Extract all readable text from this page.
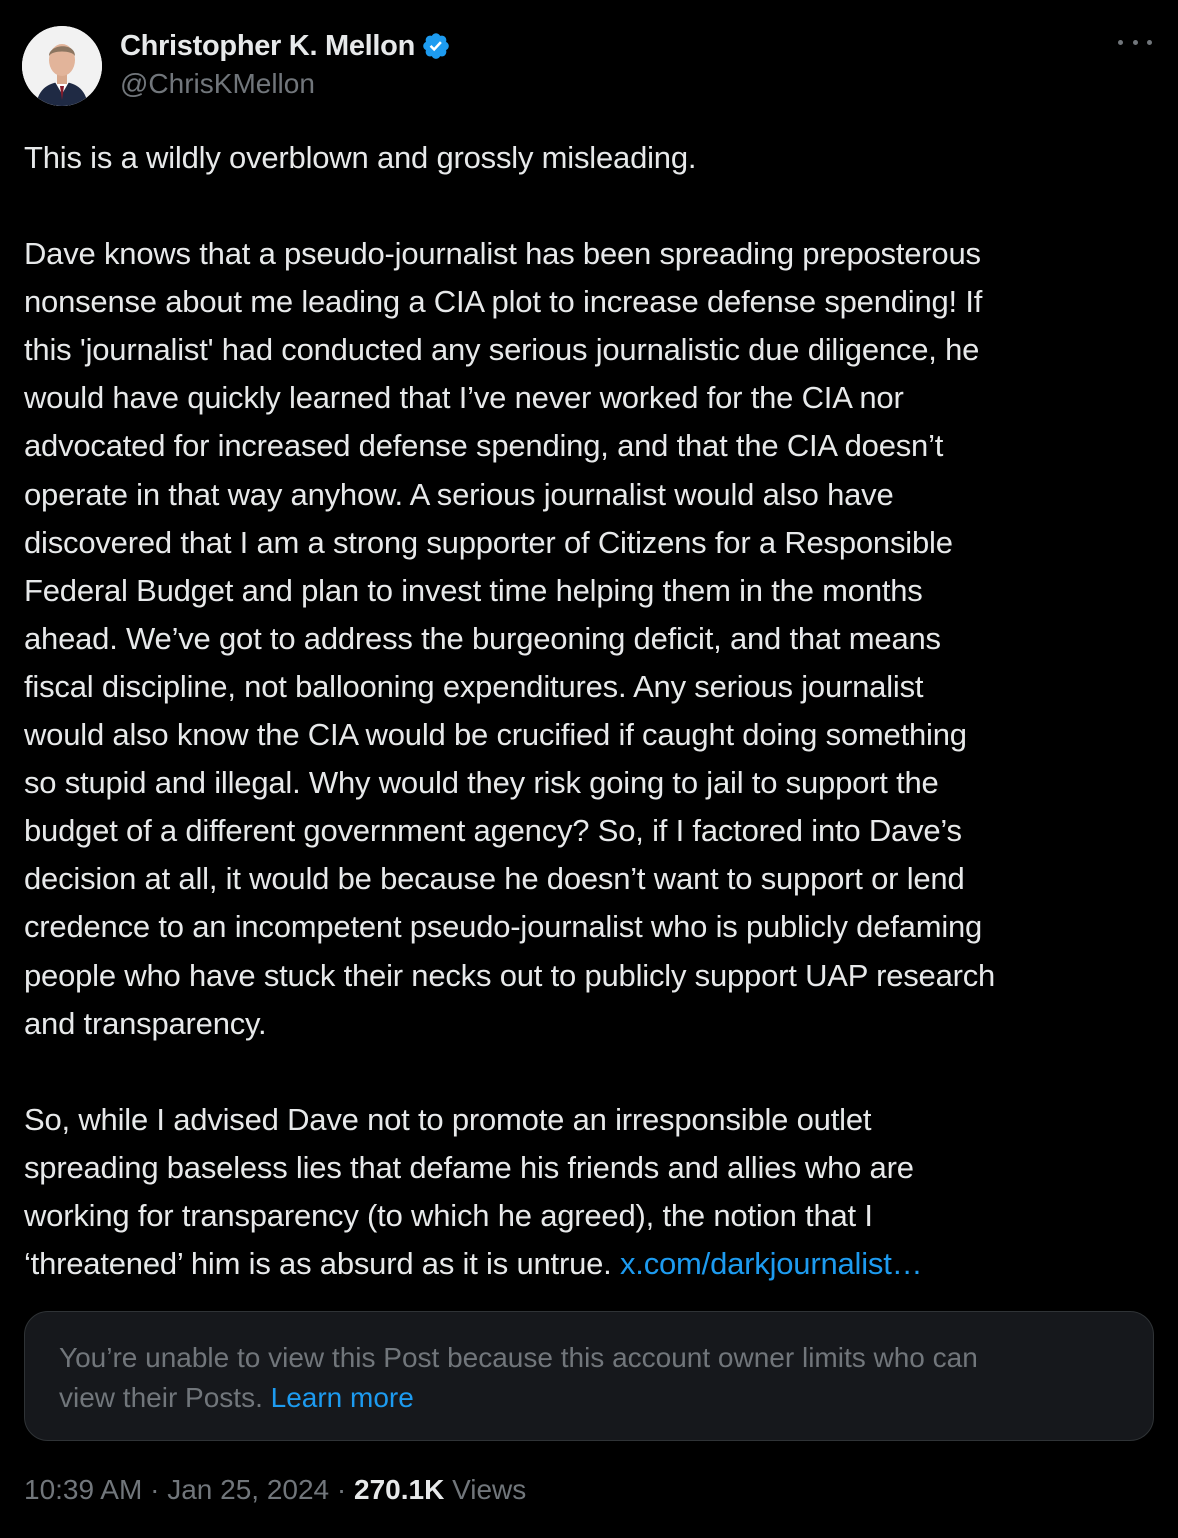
Christopher K. Mellon
@ChrisKMellon

This is a wildly overblown and grossly misleading.

Dave knows that a pseudo-journalist has been spreading preposterous

nonsense about me leading a CIA plot to increase defense spending! If

this 'journalist' had conducted any serious journalistic due diligence, he

would have quickly learned that I’ve never worked for the CIA nor

advocated for increased defense spending, and that the CIA doesn’t

operate in that way anyhow. A serious journalist would also have

discovered that I am a strong supporter of Citizens for a Responsible

Federal Budget and plan to invest time helping them in the months

ahead. We’ve got to address the burgeoning deficit, and that means

fiscal discipline, not ballooning expenditures. Any serious journalist

would also know the CIA would be crucified if caught doing something

so stupid and illegal. Why would they risk going to jail to support the

budget of a different government agency? So, if I factored into Dave’s

decision at all, it would be because he doesn’t want to support or lend

credence to an incompetent pseudo-journalist who is publicly defaming

people who have stuck their necks out to publicly support UAP research

and transparency.

So, while I advised Dave not to promote an irresponsible outlet

spreading baseless lies that defame his friends and allies who are

working for transparency (to which he agreed), the notion that I

‘threatened’ him is as absurd as it is untrue. x.com/darkjournalist…

You’re unable to view this Post because this account owner limits who can

view their Posts. Learn more

10:39 AM · Jan 25, 2024 · 270.1K Views
